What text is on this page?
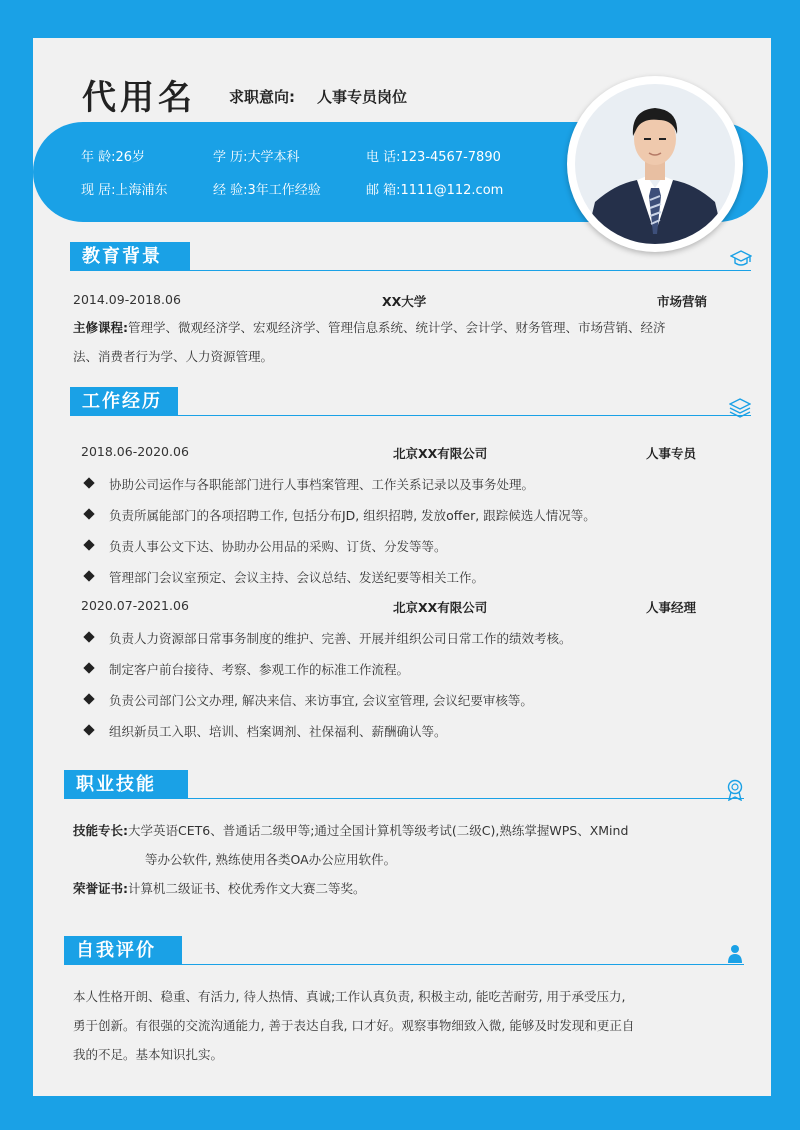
年 龄:26岁	学 历:大学本科	电 话:123-4567-7890
现 居:上海浦东	经 验:3年工作经验	邮 箱:1111@112.com
代用名 求职意向: 人事专员岗位
教育背景
2014.09-2018.06	XX大学	市场营销
主修课程:管理学、微观经济学、宏观经济学、管理信息系统、统计学、会计学、财务管理、市场营销、经济
法、消费者行为学、人力资源管理。
工作经历
2018.06-2020.06	北京XX有限公司	人事专员
协助公司运作与各职能部门进行人事档案管理、工作关系记录以及事务处理。
负责所属能部门的各项招聘工作, 包括分布JD, 组织招聘, 发放offer, 跟踪候选人情况等。
负责人事公文下达、协助办公用品的采购、订货、分发等等。
管理部门会议室预定、会议主持、会议总结、发送纪要等相关工作。
2020.07-2021.06	北京XX有限公司	人事经理
负责人力资源部日常事务制度的维护、完善、开展并组织公司日常工作的绩效考核。
制定客户前台接待、考察、参观工作的标准工作流程。
负责公司部门公文办理, 解决来信、来访事宜, 会议室管理, 会议纪要审核等。
组织新员工入职、培训、档案调剂、社保福利、薪酬确认等。
职业技能
技能专长:大学英语CET6、普通话二级甲等;通过全国计算机等级考试(二级C),熟练掌握WPS、XMind
等办公软件, 熟练使用各类OA办公应用软件。
荣誉证书:计算机二级证书、校优秀作文大赛二等奖。
自我评价
本人性格开朗、稳重、有活力, 待人热情、真诚;工作认真负责, 积极主动, 能吃苦耐劳, 用于承受压力,
勇于创新。有很强的交流沟通能力, 善于表达自我, 口才好。观察事物细致入微, 能够及时发现和更正自
我的不足。基本知识扎实。
